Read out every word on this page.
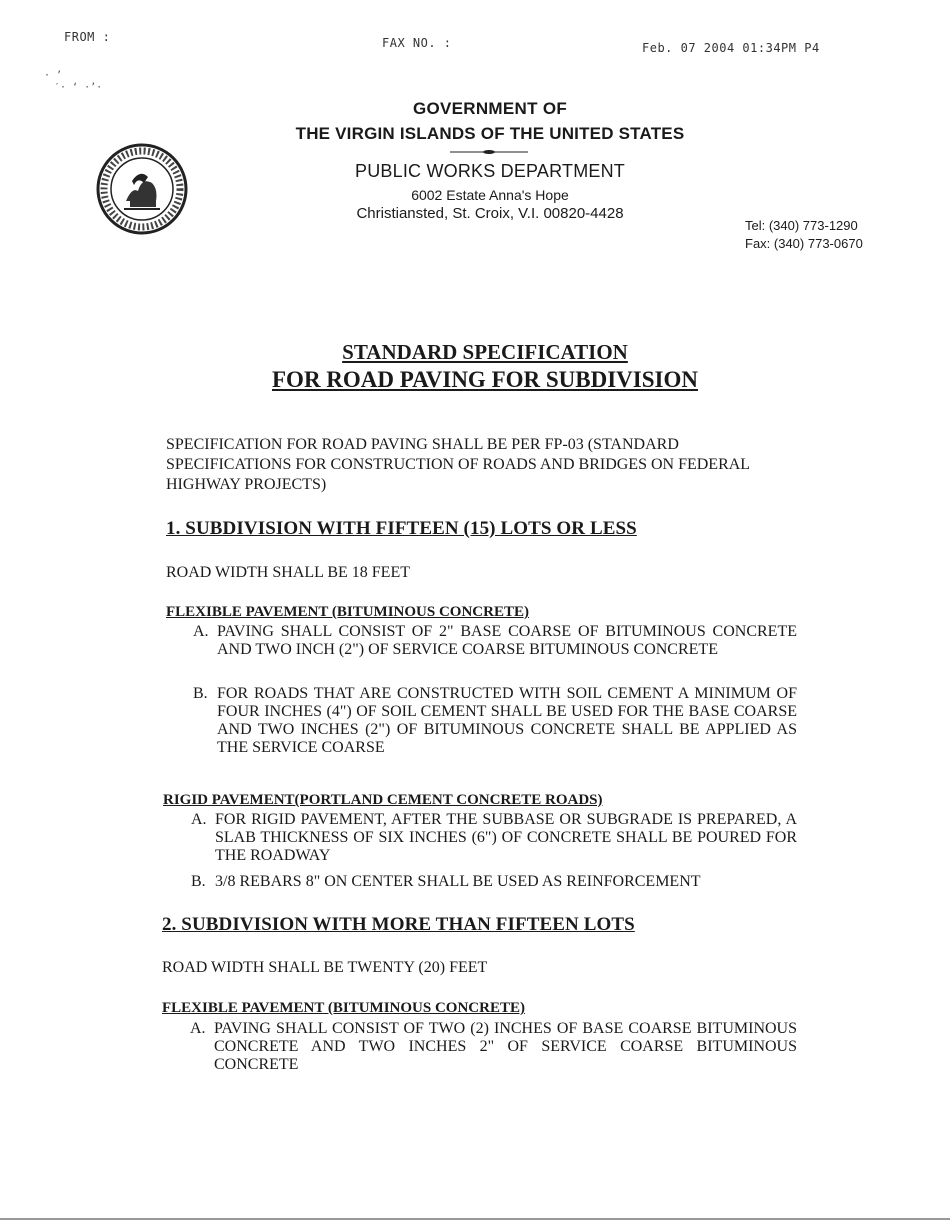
FROM :	FAX NO. :	Feb. 07 2004 01:34PM P4
· ’
′· ‘ ·’·
GOVERNMENT OF
THE VIRGIN ISLANDS OF THE UNITED STATES
PUBLIC WORKS DEPARTMENT
6002 Estate Anna's Hope
Christiansted, St. Croix, V.I. 00820-4428
Tel: (340) 773-1290
Fax: (340) 773-0670
STANDARD SPECIFICATION
FOR ROAD PAVING FOR SUBDIVISION
SPECIFICATION FOR ROAD PAVING SHALL BE PER FP-03 (STANDARD SPECIFICATIONS FOR CONSTRUCTION OF ROADS AND BRIDGES ON FEDERAL HIGHWAY PROJECTS)
1. SUBDIVISION WITH FIFTEEN (15) LOTS OR LESS
ROAD WIDTH SHALL BE 18 FEET
FLEXIBLE PAVEMENT (BITUMINOUS CONCRETE)
A. PAVING SHALL CONSIST OF 2" BASE COARSE OF BITUMINOUS CONCRETE AND TWO INCH (2") OF SERVICE COARSE BITUMINOUS CONCRETE
B. FOR ROADS THAT ARE CONSTRUCTED WITH SOIL CEMENT A MINIMUM OF FOUR INCHES (4") OF SOIL CEMENT SHALL BE USED FOR THE BASE COARSE AND TWO INCHES (2") OF BITUMINOUS CONCRETE SHALL BE APPLIED AS THE SERVICE COARSE
RIGID PAVEMENT(PORTLAND CEMENT CONCRETE ROADS)
A. FOR RIGID PAVEMENT, AFTER THE SUBBASE OR SUBGRADE IS PREPARED, A SLAB THICKNESS OF SIX INCHES (6") OF CONCRETE SHALL BE POURED FOR THE ROADWAY
B. 3/8 REBARS 8" ON CENTER SHALL BE USED AS REINFORCEMENT
2. SUBDIVISION WITH MORE THAN FIFTEEN LOTS
ROAD WIDTH SHALL BE TWENTY (20) FEET
FLEXIBLE PAVEMENT (BITUMINOUS CONCRETE)
A. PAVING SHALL CONSIST OF TWO (2) INCHES OF BASE COARSE BITUMINOUS CONCRETE AND TWO INCHES 2" OF SERVICE COARSE BITUMINOUS CONCRETE
